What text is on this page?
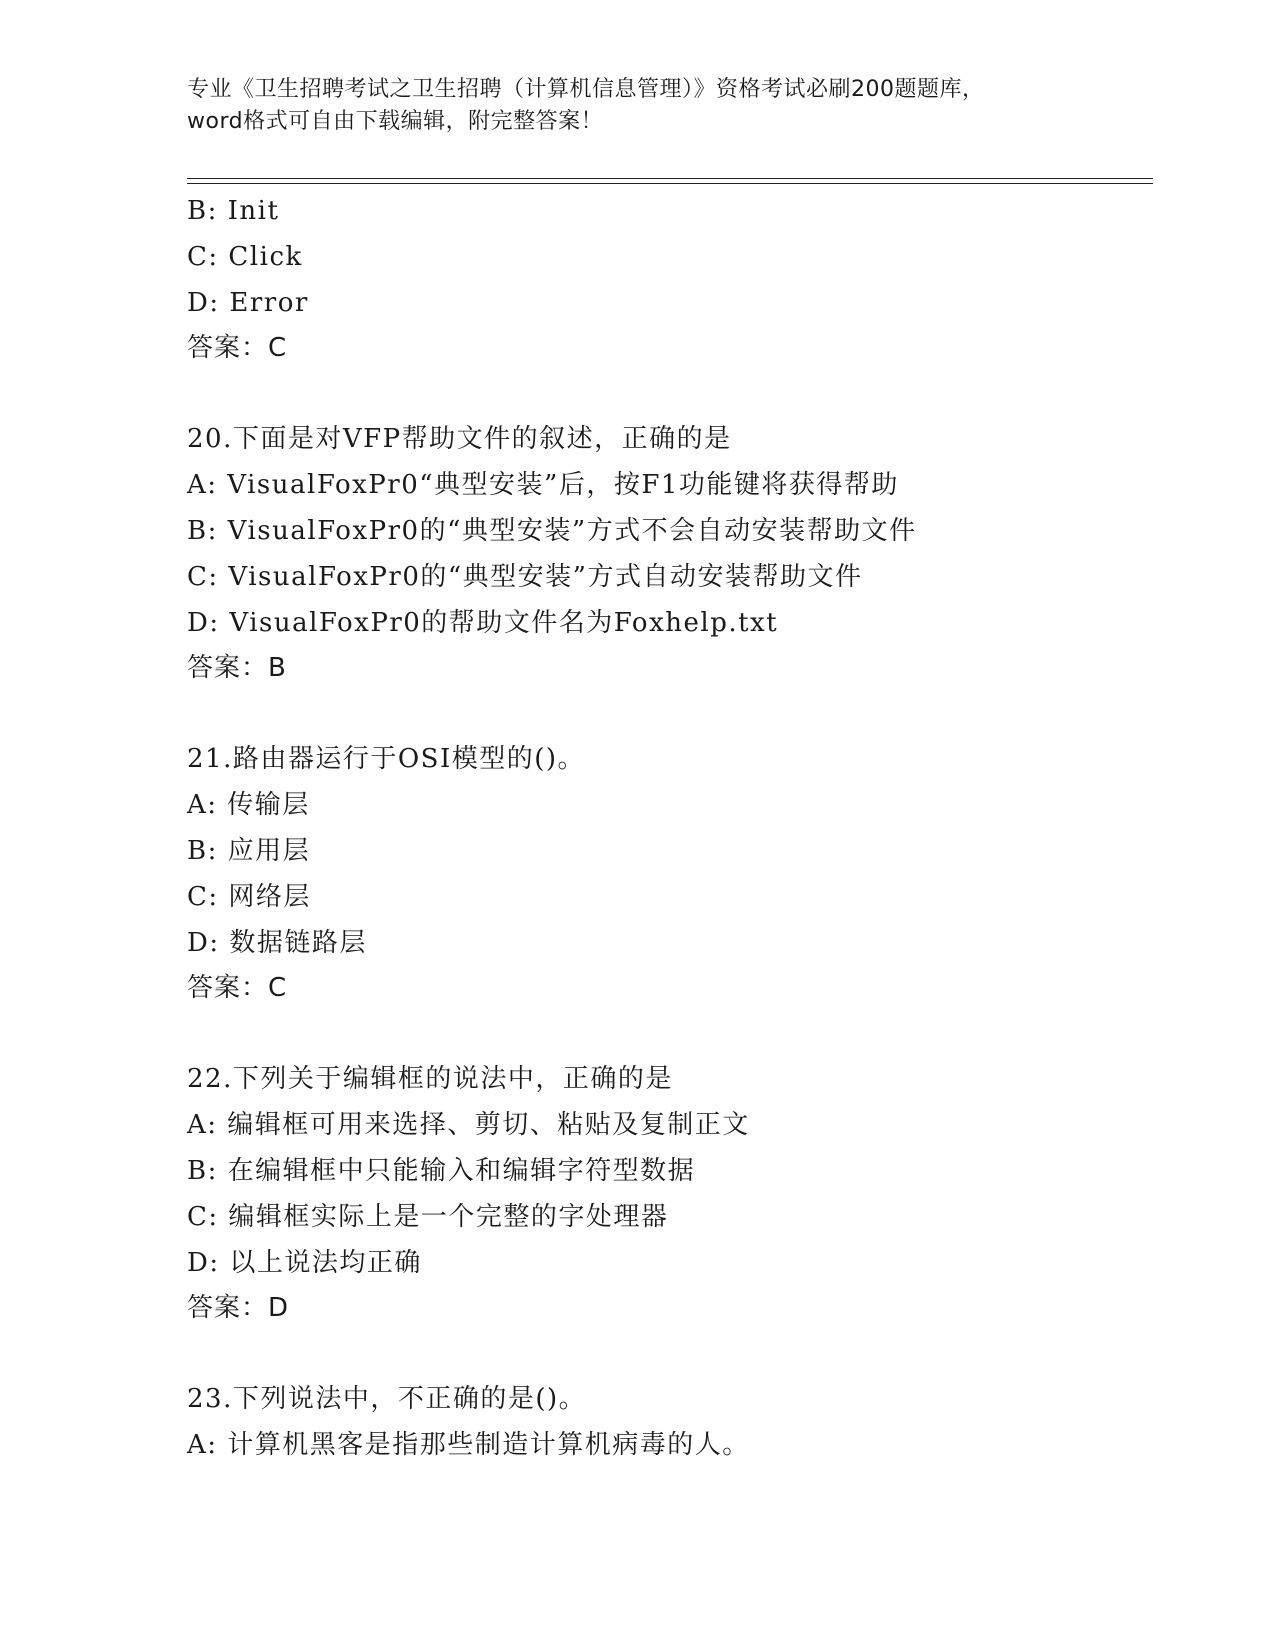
专业《卫生招聘考试之卫生招聘（计算机信息管理）》资格考试必刷200题题库，
word格式可自由下载编辑，附完整答案！
B: Init
C: Click
D: Error
答案：C
20.下面是对VFP帮助文件的叙述，正确的是
A: VisualFoxPr0“典型安装”后，按F1功能键将获得帮助
B: VisualFoxPr0的“典型安装”方式不会自动安装帮助文件
C: VisualFoxPr0的“典型安装”方式自动安装帮助文件
D: VisualFoxPr0的帮助文件名为Foxhelp.txt
答案：B
21.路由器运行于OSI模型的()。
A: 传输层
B: 应用层
C: 网络层
D: 数据链路层
答案：C
22.下列关于编辑框的说法中，正确的是
A: 编辑框可用来选择、剪切、粘贴及复制正文
B: 在编辑框中只能输入和编辑字符型数据
C: 编辑框实际上是一个完整的字处理器
D: 以上说法均正确
答案：D
23.下列说法中，不正确的是()。
A: 计算机黑客是指那些制造计算机病毒的人。
